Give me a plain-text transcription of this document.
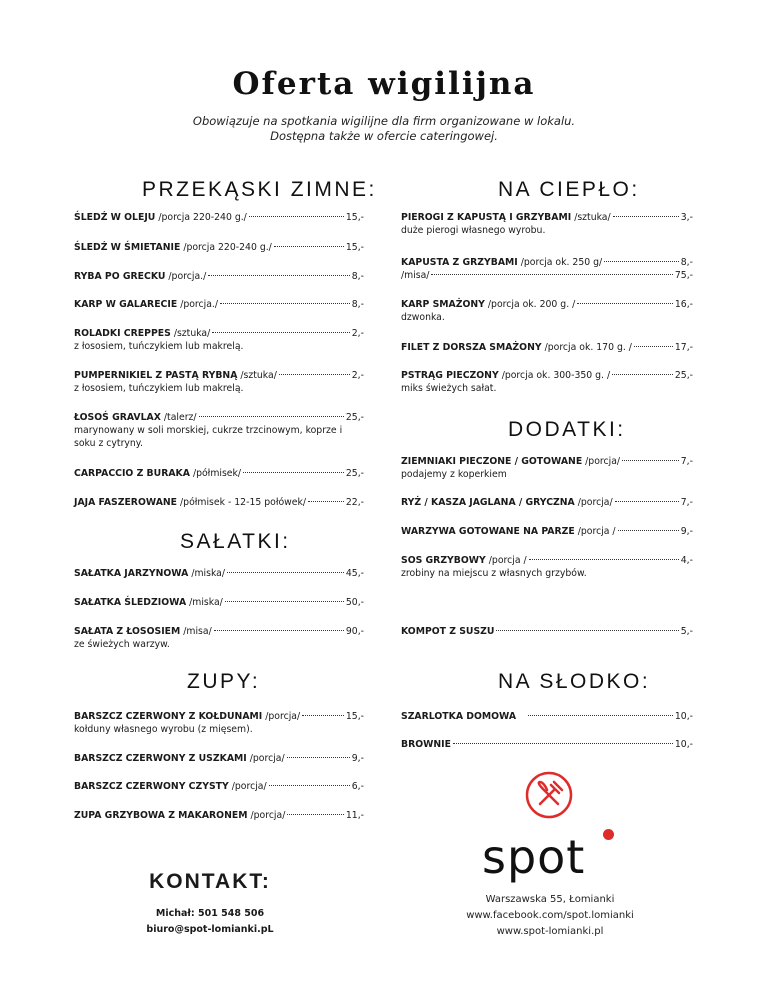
Oferta wigilijna
Obowiązuje na spotkania wigilijne dla firm organizowane w lokalu.
Dostępna także w ofercie cateringowej.
PRZEKĄSKI ZIMNE:	NA CIEPŁO:
DODATKI:
SAŁATKI:
ZUPY:	NA SŁODKO:
ŚLEDŹ W OLEJU /porcja 220-240 g./	15,-
ŚLEDŹ W ŚMIETANIE /porcja 220-240 g./	15,-
RYBA PO GRECKU /porcja./	8,-
KARP W GALARECIE /porcja./	8,-
ROLADKI CREPPES /sztuka/	2,-
z łososiem, tuńczykiem lub makrelą.
PUMPERNIKIEL Z PASTĄ RYBNĄ /sztuka/	2,-
z łososiem, tuńczykiem lub makrelą.
ŁOSOŚ GRAVLAX /talerz/	25,-
marynowany w soli morskiej, cukrze trzcinowym, koprze i soku z cytryny.
CARPACCIO Z BURAKA /półmisek/	25,-
JAJA FASZEROWANE /półmisek - 12-15 połówek/	22,-
SAŁATKA JARZYNOWA /miska/	45,-
SAŁATKA ŚLEDZIOWA /miska/	50,-
SAŁATA Z ŁOSOSIEM /misa/	90,-
ze świeżych warzyw.
BARSZCZ CZERWONY Z KOŁDUNAMI /porcja/	15,-
kołduny własnego wyrobu (z mięsem).
BARSZCZ CZERWONY Z USZKAMI /porcja/	9,-
BARSZCZ CZERWONY CZYSTY /porcja/	6,-
ZUPA GRZYBOWA Z MAKARONEM /porcja/	11,-
PIEROGI Z KAPUSTĄ I GRZYBAMI /sztuka/	3,-
duże pierogi własnego wyrobu.
KAPUSTA Z GRZYBAMI /porcja ok. 250 g/	8,-
/misa/	75,-
KARP SMAŻONY /porcja ok. 200 g. /	16,-
dzwonka.
FILET Z DORSZA SMAŻONY /porcja ok. 170 g. /	17,-
PSTRĄG PIECZONY /porcja ok. 300-350 g. /	25,-
miks świeżych sałat.
ZIEMNIAKI PIECZONE / GOTOWANE /porcja/	7,-
podajemy z koperkiem
RYŻ / KASZA JAGLANA / GRYCZNA /porcja/	7,-
WARZYWA GOTOWANE NA PARZE /porcja /	9,-
SOS GRZYBOWY /porcja /	4,-
zrobiny na miejscu z własnych grzybów.
KOMPOT Z SUSZU	5,-
SZARLOTKA DOMOWA	10,-
BROWNIE	10,-
spot
KONTAKT:
Michał: 501 548 506
biuro@spot-lomianki.pL
Warszawska 55, Łomianki
www.facebook.com/spot.lomianki
www.spot-lomianki.pl
